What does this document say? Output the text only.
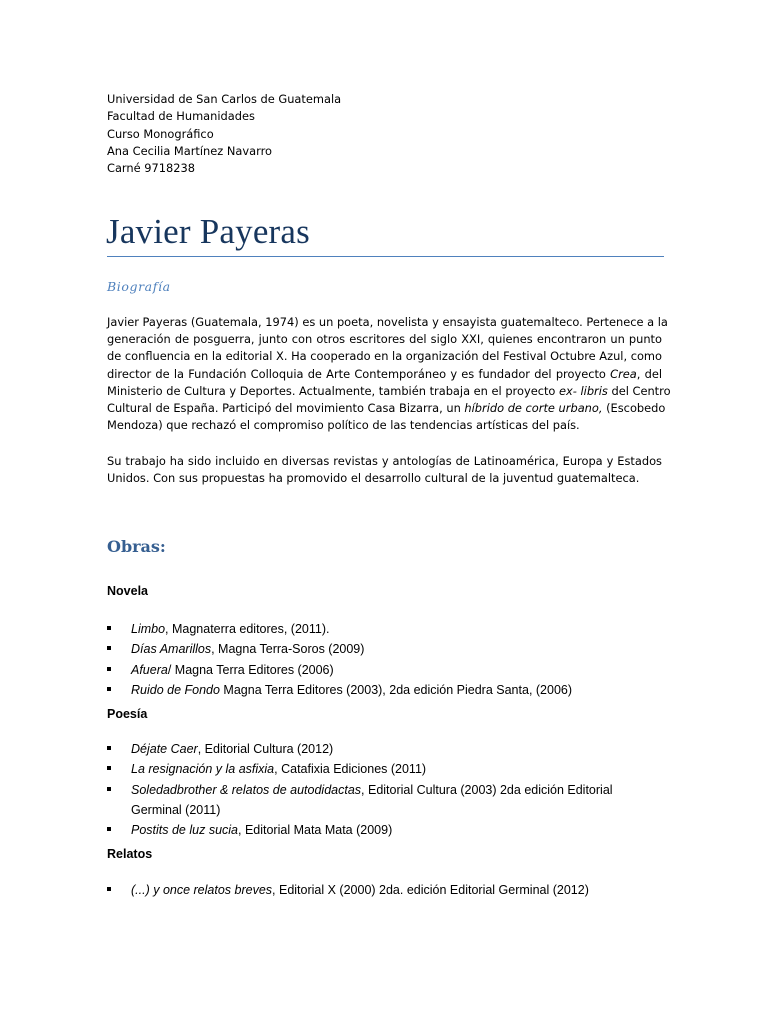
Universidad de San Carlos de Guatemala
Facultad de Humanidades
Curso Monográfico
Ana Cecilia Martínez Navarro
Carné 9718238
Javier Payeras
Biografía
Javier Payeras (Guatemala, 1974) es un poeta, novelista y ensayista guatemalteco. Pertenece a la
generación de posguerra, junto con otros escritores del siglo XXI, quienes encontraron un punto
de confluencia en la editorial X. Ha cooperado en la organización del Festival Octubre Azul, como
director de la Fundación Colloquia de Arte Contemporáneo y es fundador del proyecto Crea, del
Ministerio de Cultura y Deportes. Actualmente, también trabaja en el proyecto ex- libris del Centro
Cultural de España. Participó del movimiento Casa Bizarra, un híbrido de corte urbano, (Escobedo
Mendoza) que rechazó el compromiso político de las tendencias artísticas del país.
Su trabajo ha sido incluido en diversas revistas y antologías de Latinoamérica, Europa y Estados
Unidos. Con sus propuestas ha promovido el desarrollo cultural de la juventud guatemalteca.
Obras:
Novela
Limbo, Magnaterra editores, (2011).
Días Amarillos, Magna Terra-Soros (2009)
Afuera/ Magna Terra Editores (2006)
Ruido de Fondo Magna Terra Editores (2003), 2da edición Piedra Santa, (2006)
Poesía
Déjate Caer, Editorial Cultura (2012)
La resignación y la asfixia, Catafixia Ediciones (2011)
Soledadbrother & relatos de autodidactas, Editorial Cultura (2003) 2da edición Editorial
Germinal (2011)
Postits de luz sucia, Editorial Mata Mata (2009)
Relatos
(...) y once relatos breves, Editorial X (2000) 2da. edición Editorial Germinal (2012)
